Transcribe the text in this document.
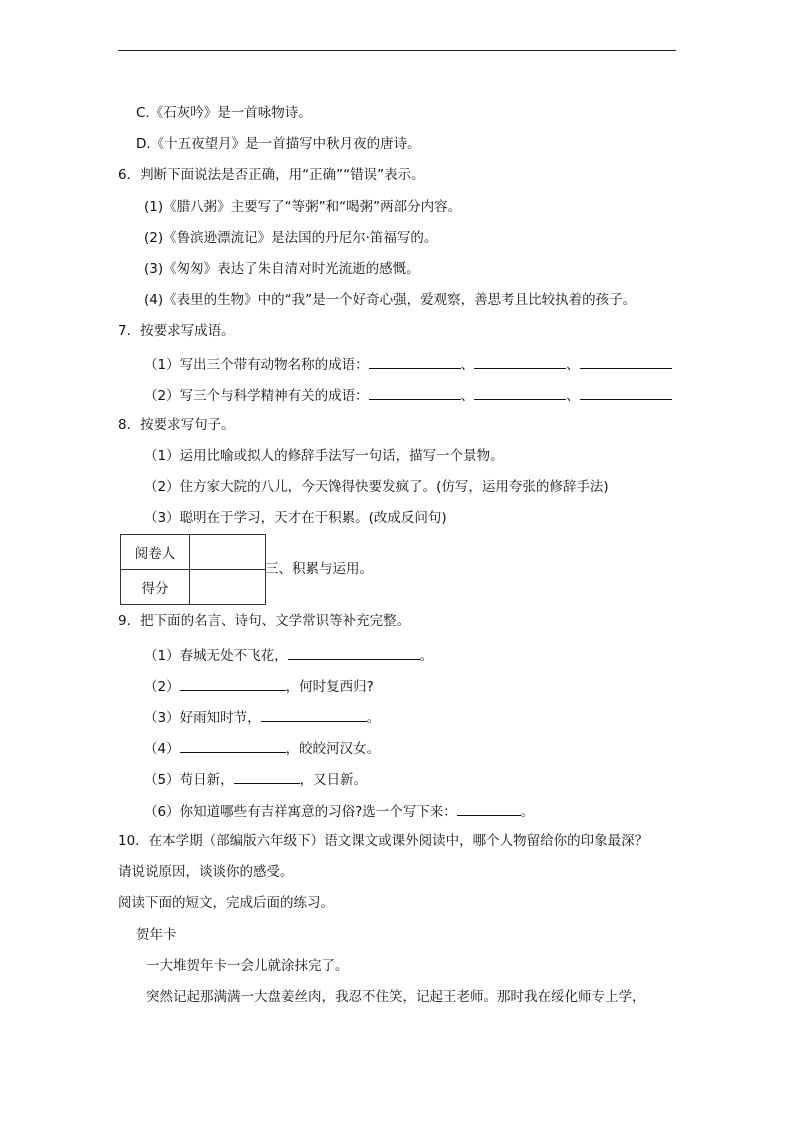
C.《石灰吟》是一首咏物诗。
D.《十五夜望月》是一首描写中秋月夜的唐诗。
6．判断下面说法是否正确，用“正确”“错误”表示。
(1)《腊八粥》主要写了“等粥”和“喝粥”两部分内容。
(2)《鲁滨逊漂流记》是法国的丹尼尔·笛福写的。
(3)《匆匆》表达了朱自清对时光流逝的感慨。
(4)《表里的生物》中的“我”是一个好奇心强，爱观察，善思考且比较执着的孩子。
7．按要求写成语。
（1）写出三个带有动物名称的成语：	、	、
（2）写三个与科学精神有关的成语：	、	、
8．按要求写句子。
（1）运用比喻或拟人的修辞手法写一句话，描写一个景物。
（2）住方家大院的八儿，今天馋得快要发疯了。(仿写，运用夸张的修辞手法)
（3）聪明在于学习，天才在于积累。(改成反问句)
阅卷人	
得分	
三、积累与运用。
9．把下面的名言、诗句、文学常识等补充完整。
（1）春城无处不飞花，	。
（2）	，何时复西归?
（3）好雨知时节，	。
（4）	，皎皎河汉女。
（5）苟日新，	，又日新。
（6）你知道哪些有吉祥寓意的习俗?选一个写下来：	。
10．在本学期（部编版六年级下）语文课文或课外阅读中，哪个人物留给你的印象最深？
请说说原因，谈谈你的感受。
阅读下面的短文，完成后面的练习。
贺年卡
一大堆贺年卡一会儿就涂抹完了。
突然记起那满满一大盘姜丝肉，我忍不住笑，记起王老师。那时我在绥化师专上学，
